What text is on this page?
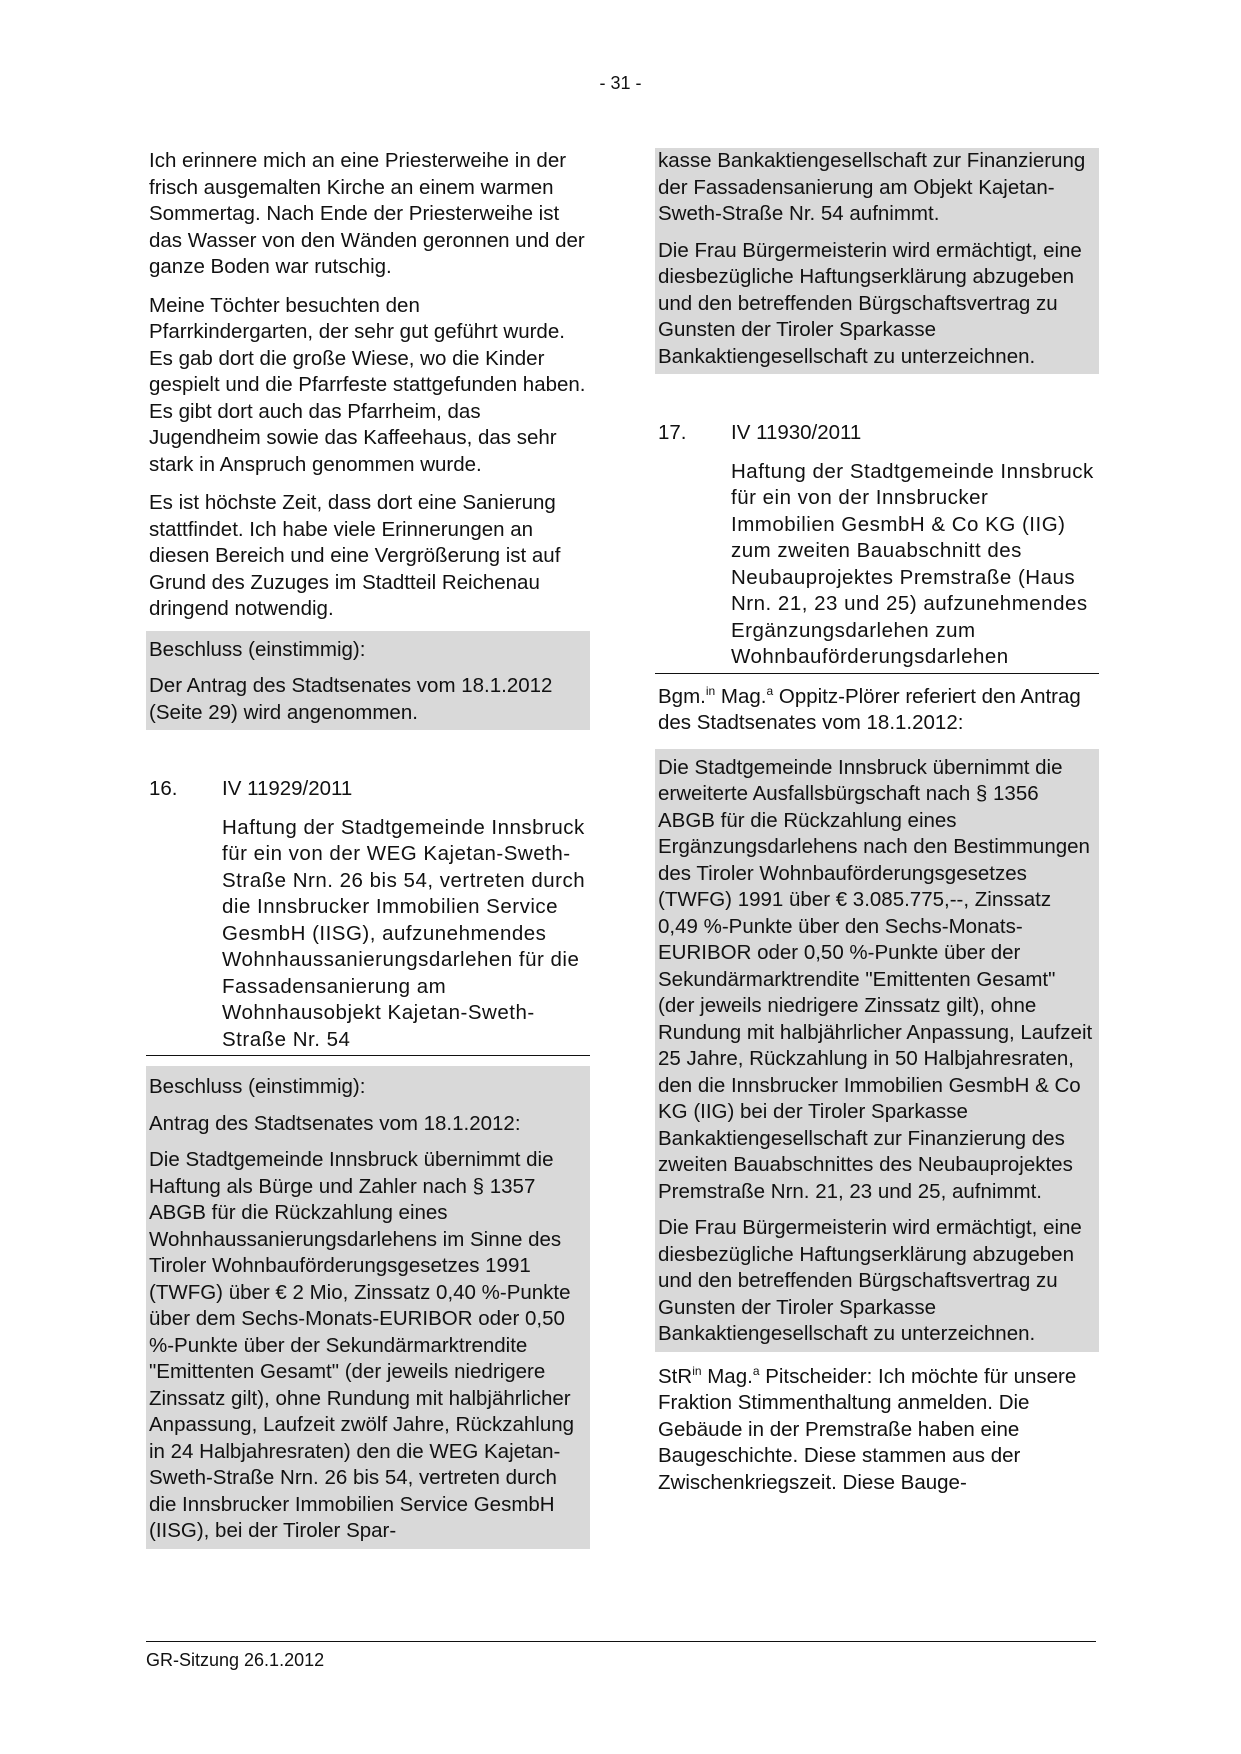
- 31 -

Ich erinnere mich an eine Priesterweihe in der frisch ausgemalten Kirche an einem warmen Sommertag. Nach Ende der Priesterweihe ist das Wasser von den Wänden geronnen und der ganze Boden war rutschig.

Meine Töchter besuchten den Pfarrkindergarten, der sehr gut geführt wurde. Es gab dort die große Wiese, wo die Kinder gespielt und die Pfarrfeste stattgefunden haben. Es gibt dort auch das Pfarrheim, das Jugendheim sowie das Kaffeehaus, das sehr stark in Anspruch genommen wurde.

Es ist höchste Zeit, dass dort eine Sanierung stattfindet. Ich habe viele Erinnerungen an diesen Bereich und eine Vergrößerung ist auf Grund des Zuzuges im Stadtteil Reichenau dringend notwendig.

Beschluss (einstimmig):

Der Antrag des Stadtsenates vom 18.1.2012 (Seite 29) wird angenommen.

16.	IV 11929/2011
Haftung der Stadtgemeinde Innsbruck für ein von der WEG Kajetan-Sweth-Straße Nrn. 26 bis 54, vertreten durch die Innsbrucker Immobilien Service GesmbH (IISG), aufzunehmendes Wohnhaussanierungsdarlehen für die Fassadensanierung am Wohnhausobjekt Kajetan-Sweth-Straße Nr. 54

Beschluss (einstimmig):

Antrag des Stadtsenates vom 18.1.2012:

Die Stadtgemeinde Innsbruck übernimmt die Haftung als Bürge und Zahler nach § 1357 ABGB für die Rückzahlung eines Wohnhaussanierungsdarlehens im Sinne des Tiroler Wohnbauförderungsgesetzes 1991 (TWFG) über € 2 Mio, Zinssatz 0,40 %-Punkte über dem Sechs-Monats-EURIBOR oder 0,50 %-Punkte über der Sekundärmarktrendite "Emittenten Gesamt" (der jeweils niedrigere Zinssatz gilt), ohne Rundung mit halbjährlicher Anpassung, Laufzeit zwölf Jahre, Rückzahlung in 24 Halbjahresraten) den die WEG Kajetan-Sweth-Straße Nrn. 26 bis 54, vertreten durch die Innsbrucker Immobilien Service GesmbH (IISG), bei der Tiroler Spar-

kasse Bankaktiengesellschaft zur Finanzierung der Fassadensanierung am Objekt Kajetan-Sweth-Straße Nr. 54 aufnimmt.

Die Frau Bürgermeisterin wird ermächtigt, eine diesbezügliche Haftungserklärung abzugeben und den betreffenden Bürgschaftsvertrag zu Gunsten der Tiroler Sparkasse Bankaktiengesellschaft zu unterzeichnen.

17.	IV 11930/2011
Haftung der Stadtgemeinde Innsbruck für ein von der Innsbrucker Immobilien GesmbH & Co KG (IIG) zum zweiten Bauabschnitt des Neubauprojektes Premstraße (Haus Nrn. 21, 23 und 25) aufzunehmendes Ergänzungsdarlehen zum Wohnbauförderungsdarlehen

Bgm.$^{in}$ Mag.$^a$ Oppitz-Plörer referiert den Antrag des Stadtsenates vom 18.1.2012:

Die Stadtgemeinde Innsbruck übernimmt die erweiterte Ausfallsbürgschaft nach § 1356 ABGB für die Rückzahlung eines Ergänzungsdarlehens nach den Bestimmungen des Tiroler Wohnbauförderungsgesetzes (TWFG) 1991 über € 3.085.775,--, Zinssatz 0,49 %-Punkte über den Sechs-Monats-EURIBOR oder 0,50 %-Punkte über der Sekundärmarktrendite "Emittenten Gesamt" (der jeweils niedrigere Zinssatz gilt), ohne Rundung mit halbjährlicher Anpassung, Laufzeit 25 Jahre, Rückzahlung in 50 Halbjahresraten, den die Innsbrucker Immobilien GesmbH & Co KG (IIG) bei der Tiroler Sparkasse Bankaktiengesellschaft zur Finanzierung des zweiten Bauabschnittes des Neubauprojektes Premstraße Nrn. 21, 23 und 25, aufnimmt.

Die Frau Bürgermeisterin wird ermächtigt, eine diesbezügliche Haftungserklärung abzugeben und den betreffenden Bürgschaftsvertrag zu Gunsten der Tiroler Sparkasse Bankaktiengesellschaft zu unterzeichnen.

StR$^{in}$ Mag.$^a$ Pitscheider: Ich möchte für unsere Fraktion Stimmenthaltung anmelden. Die Gebäude in der Premstraße haben eine Baugeschichte. Diese stammen aus der Zwischenkriegszeit. Diese Bauge-

GR-Sitzung 26.1.2012
